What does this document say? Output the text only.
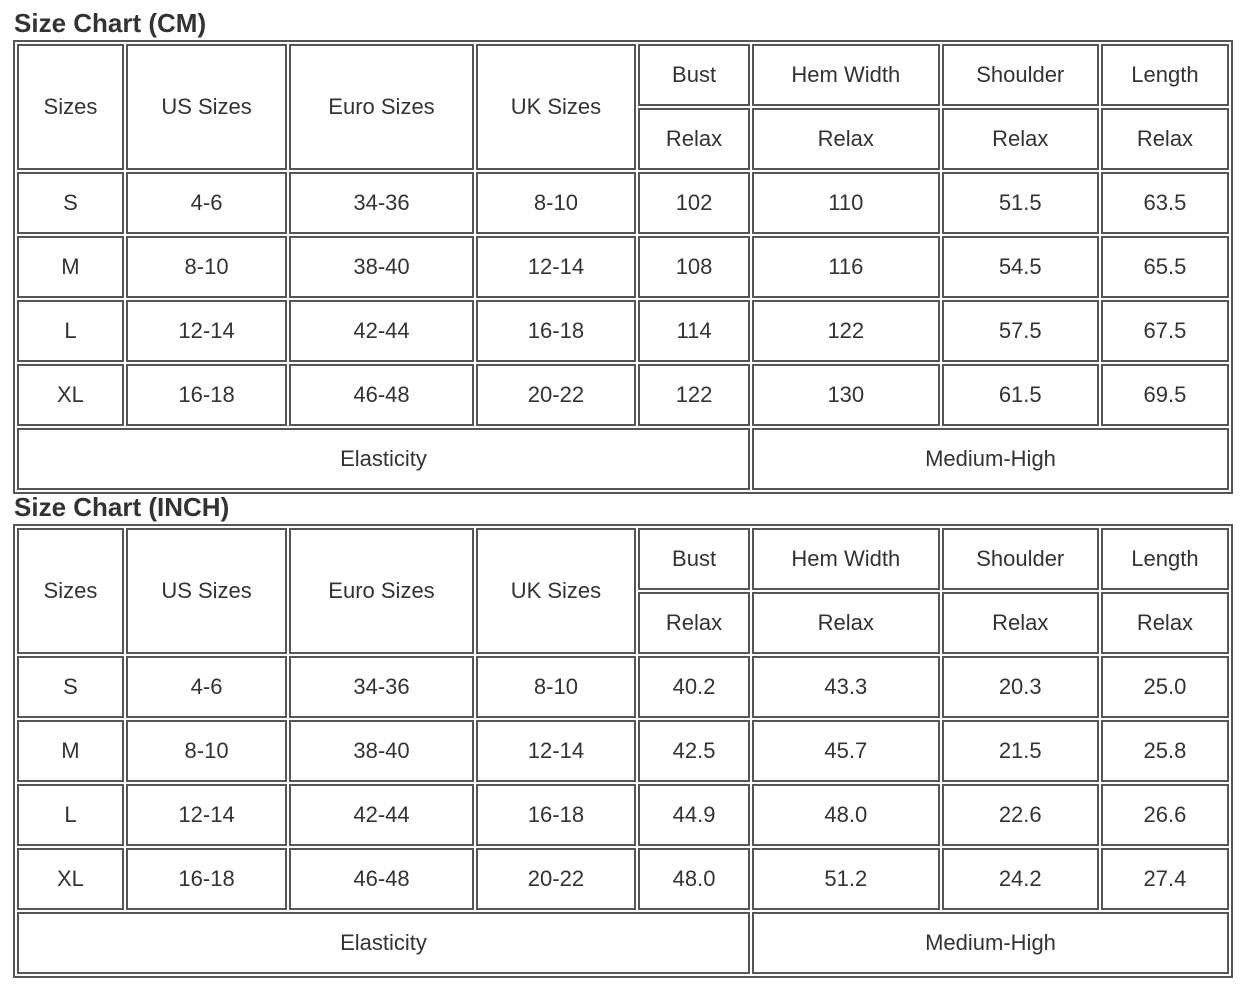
Size Chart (CM)
Sizes	US Sizes	Euro Sizes	UK Sizes	Bust	Hem Width	Shoulder	Length
				Relax	Relax	Relax	Relax
S	4-6	34-36	8-10	102	110	51.5	63.5
M	8-10	38-40	12-14	108	116	54.5	65.5
L	12-14	42-44	16-18	114	122	57.5	67.5
XL	16-18	46-48	20-22	122	130	61.5	69.5
Elasticity					Medium-High		
Size Chart (INCH)
Sizes	US Sizes	Euro Sizes	UK Sizes	Bust	Hem Width	Shoulder	Length
				Relax	Relax	Relax	Relax
S	4-6	34-36	8-10	40.2	43.3	20.3	25.0
M	8-10	38-40	12-14	42.5	45.7	21.5	25.8
L	12-14	42-44	16-18	44.9	48.0	22.6	26.6
XL	16-18	46-48	20-22	48.0	51.2	24.2	27.4
Elasticity					Medium-High		
